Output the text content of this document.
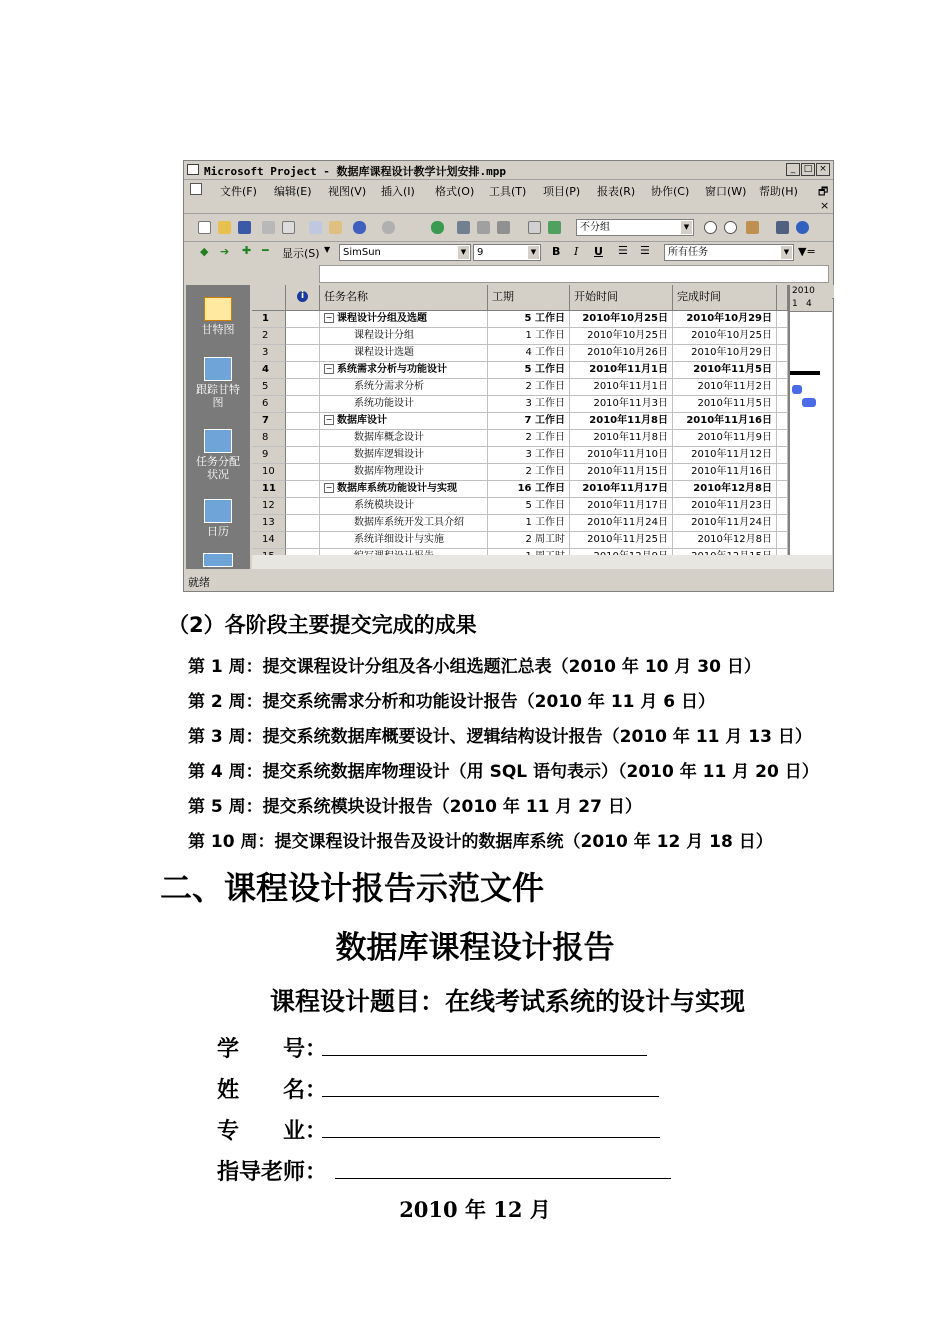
Microsoft Project - 数据库课程设计教学计划安排.mpp	_ □ ×
文件(F) 编辑(E) 视图(V) 插入(I) 格式(O) 工具(T) 项目(P) 报表(R) 协作(C) 窗口(W) 帮助(H) 🗗
×
不分组	▼
◆ ➔ ✚ ━ 显示(S) ▼	SimSun	▼	9	▼ B I U ☰ ☰	所有任务	▼ ▼=
甘特图
跟踪甘特图
任务分配状况
日历
i	任务名称	工期	开始时间	完成时间
1	− 课程设计分组及选题	5 工作日	2010年10月25日	2010年10月29日
2	课程设计分组	1 工作日	2010年10月25日	2010年10月25日
3	课程设计选题	4 工作日	2010年10月26日	2010年10月29日
4	− 系统需求分析与功能设计	5 工作日	2010年11月1日	2010年11月5日
5	系统分需求分析	2 工作日	2010年11月1日	2010年11月2日
6	系统功能设计	3 工作日	2010年11月3日	2010年11月5日
7	− 数据库设计	7 工作日	2010年11月8日	2010年11月16日
8	数据库概念设计	2 工作日	2010年11月8日	2010年11月9日
9	数据库逻辑设计	3 工作日	2010年11月10日	2010年11月12日
10	数据库物理设计	2 工作日	2010年11月15日	2010年11月16日
11	− 数据库系统功能设计与实现	16 工作日	2010年11月17日	2010年12月8日
12	系统模块设计	5 工作日	2010年11月17日	2010年11月23日
13	数据库系统开发工具介绍	1 工作日	2010年11月24日	2010年11月24日
14	系统详细设计与实施	2 周工时	2010年11月25日	2010年12月8日
2010
1 4
就绪
（2）各阶段主要提交完成的成果
第 1 周：提交课程设计分组及各小组选题汇总表（2010 年 10 月 30 日）
第 2 周：提交系统需求分析和功能设计报告（2010 年 11 月 6 日）
第 3 周：提交系统数据库概要设计、逻辑结构设计报告（2010 年 11 月 13 日）
第 4 周：提交系统数据库物理设计（用 SQL 语句表示）（2010 年 11 月 20 日）
第 5 周：提交系统模块设计报告（2010 年 11 月 27 日）
第 10 周：提交课程设计报告及设计的数据库系统（2010 年 12 月 18 日）
二、课程设计报告示范文件
数据库课程设计报告
课程设计题目：在线考试系统的设计与实现
学　　号：
姓　　名：
专　　业：
指导老师：
2010 年 12 月
